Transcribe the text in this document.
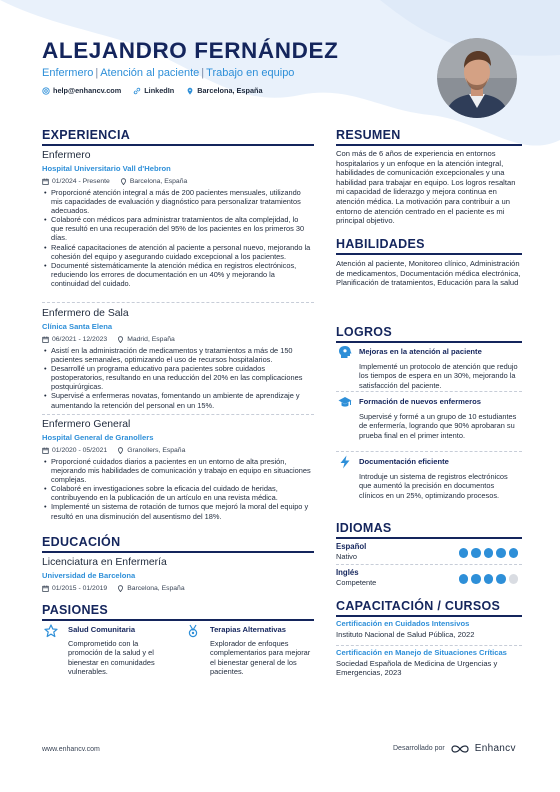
ALEJANDRO FERNÁNDEZ
Enfermero | Atención al paciente | Trabajo en equipo
help@enhancv.com	LinkedIn	Barcelona, España
EXPERIENCIA
Enfermero
Hospital Universitario Vall d'Hebron
01/2024 - Presente	Barcelona, España
• Proporcioné atención integral a más de 200 pacientes mensuales, utilizando mis capacidades de evaluación y diagnóstico para personalizar tratamientos adecuados.
• Colaboré con médicos para administrar tratamientos de alta complejidad, lo que resultó en una recuperación del 95% de los pacientes en los primeros 30 días.
• Realicé capacitaciones de atención al paciente a personal nuevo, mejorando la cohesión del equipo y asegurando cuidado excepcional a los pacientes.
• Documenté sistemáticamente la atención médica en registros electrónicos, reduciendo los errores de documentación en un 40% y mejorando la continuidad del cuidado.
Enfermero de Sala
Clínica Santa Elena
06/2021 - 12/2023	Madrid, España
• Asistí en la administración de medicamentos y tratamientos a más de 150 pacientes semanales, optimizando el uso de recursos hospitalarios.
• Desarrollé un programa educativo para pacientes sobre cuidados postoperatorios, resultando en una reducción del 20% en las complicaciones postquirúrgicas.
• Supervisé a enfermeras novatas, fomentando un ambiente de aprendizaje y aumentando la retención del personal en un 15%.
Enfermero General
Hospital General de Granollers
01/2020 - 05/2021	Granollers, España
• Proporcioné cuidados diarios a pacientes en un entorno de alta presión, mejorando mis habilidades de comunicación y trabajo en equipo en situaciones complejas.
• Colaboré en investigaciones sobre la eficacia del cuidado de heridas, contribuyendo en la publicación de un artículo en una revista médica.
• Implementé un sistema de rotación de turnos que mejoró la moral del equipo y resultó en una disminución del ausentismo del 18%.
EDUCACIÓN
Licenciatura en Enfermería
Universidad de Barcelona
01/2015 - 01/2019	Barcelona, España
PASIONES
Salud Comunitaria
Comprometido con la promoción de la salud y el bienestar en comunidades vulnerables.
Terapias Alternativas
Explorador de enfoques complementarios para mejorar el bienestar general de los pacientes.
RESUMEN
Con más de 6 años de experiencia en entornos hospitalarios y un enfoque en la atención integral, habilidades de comunicación excepcionales y una habilidad para trabajar en equipo. Los logros resaltan mi capacidad de liderazgo y mejora continua en atención médica. La motivación para contribuir a un entorno de atención centrado en el paciente es mi principal objetivo.
HABILIDADES
Atención al paciente, Monitoreo clínico, Administración de medicamentos, Documentación médica electrónica, Planificación de tratamientos, Educación para la salud
LOGROS
Mejoras en la atención al paciente
Implementé un protocolo de atención que redujo los tiempos de espera en un 30%, mejorando la satisfacción del paciente.
Formación de nuevos enfermeros
Supervisé y formé a un grupo de 10 estudiantes de enfermería, logrando que 90% aprobaran su prueba final en el primer intento.
Documentación eficiente
Introduje un sistema de registros electrónicos que aumentó la precisión en documentos clínicos en un 25%, optimizando procesos.
IDIOMAS
Español
Nativo
Inglés
Competente
CAPACITACIÓN / CURSOS
Certificación en Cuidados Intensivos
Instituto Nacional de Salud Pública, 2022
Certificación en Manejo de Situaciones Críticas
Sociedad Española de Medicina de Urgencias y Emergencias, 2023
www.enhancv.com	Desarrollado por	Enhancv
